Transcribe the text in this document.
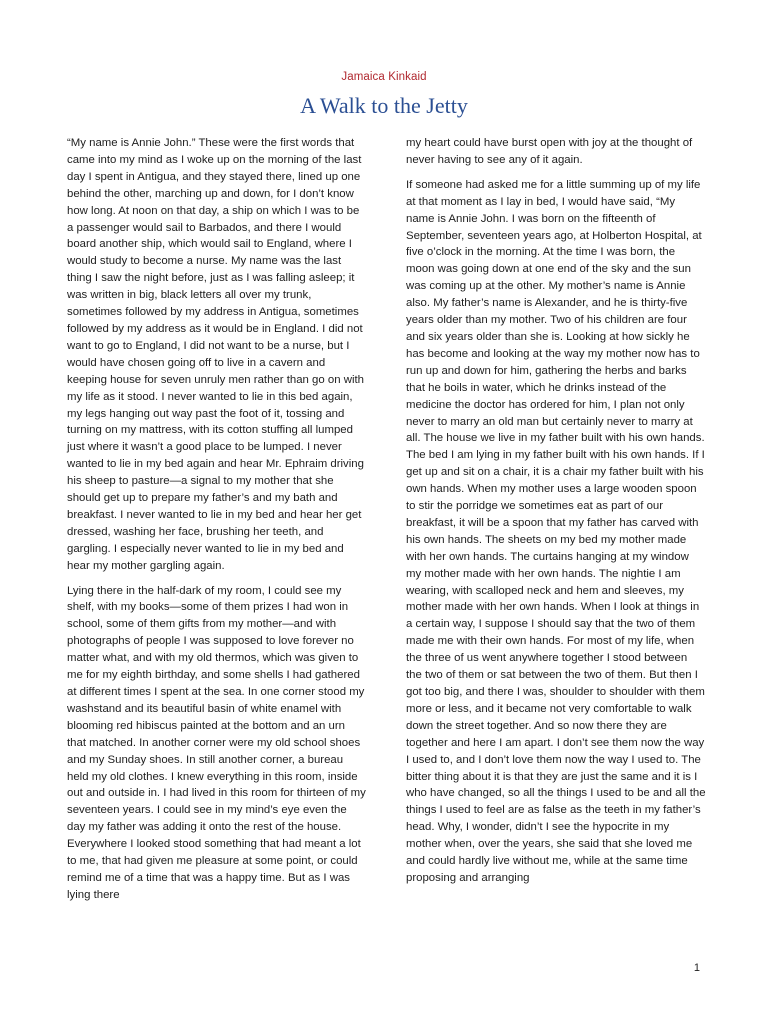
Jamaica Kinkaid
A Walk to the Jetty

“My name is Annie John.” These were the first words that came into my mind as I woke up on the morning of the last day I spent in Antigua, and they stayed there, lined up one behind the other, marching up and down, for I don’t know how long. At noon on that day, a ship on which I was to be a passenger would sail to Barbados, and there I would board another ship, which would sail to England, where I would study to become a nurse. My name was the last thing I saw the night before, just as I was falling asleep; it was written in big, black letters all over my trunk, sometimes followed by my address in Antigua, sometimes followed by my address as it would be in England. I did not want to go to England, I did not want to be a nurse, but I would have chosen going off to live in a cavern and keeping house for seven unruly men rather than go on with my life as it stood. I never wanted to lie in this bed again, my legs hanging out way past the foot of it, tossing and turning on my mattress, with its cotton stuffing all lumped just where it wasn’t a good place to be lumped. I never wanted to lie in my bed again and hear Mr. Ephraim driving his sheep to pasture—a signal to my mother that she should get up to prepare my father’s and my bath and breakfast. I never wanted to lie in my bed and hear her get dressed, washing her face, brushing her teeth, and gargling. I especially never wanted to lie in my bed and hear my mother gargling again.

Lying there in the half-dark of my room, I could see my shelf, with my books—some of them prizes I had won in school, some of them gifts from my mother—and with photographs of people I was supposed to love forever no matter what, and with my old thermos, which was given to me for my eighth birthday, and some shells I had gathered at different times I spent at the sea. In one corner stood my washstand and its beautiful basin of white enamel with blooming red hibiscus painted at the bottom and an urn that matched. In another corner were my old school shoes and my Sunday shoes. In still another corner, a bureau held my old clothes. I knew everything in this room, inside out and outside in. I had lived in this room for thirteen of my seventeen years. I could see in my mind’s eye even the day my father was adding it onto the rest of the house. Everywhere I looked stood something that had meant a lot to me, that had given me pleasure at some point, or could remind me of a time that was a happy time. But as I was lying there

my heart could have burst open with joy at the thought of never having to see any of it again.

If someone had asked me for a little summing up of my life at that moment as I lay in bed, I would have said, “My name is Annie John. I was born on the fifteenth of September, seventeen years ago, at Holberton Hospital, at five o’clock in the morning. At the time I was born, the moon was going down at one end of the sky and the sun was coming up at the other. My mother’s name is Annie also. My father’s name is Alexander, and he is thirty-five years older than my mother. Two of his children are four and six years older than she is. Looking at how sickly he has become and looking at the way my mother now has to run up and down for him, gathering the herbs and barks that he boils in water, which he drinks instead of the medicine the doctor has ordered for him, I plan not only never to marry an old man but certainly never to marry at all. The house we live in my father built with his own hands. The bed I am lying in my father built with his own hands. If I get up and sit on a chair, it is a chair my father built with his own hands. When my mother uses a large wooden spoon to stir the porridge we sometimes eat as part of our breakfast, it will be a spoon that my father has carved with his own hands. The sheets on my bed my mother made with her own hands. The curtains hanging at my window my mother made with her own hands. The nightie I am wearing, with scalloped neck and hem and sleeves, my mother made with her own hands. When I look at things in a certain way, I suppose I should say that the two of them made me with their own hands. For most of my life, when the three of us went anywhere together I stood between the two of them or sat between the two of them. But then I got too big, and there I was, shoulder to shoulder with them more or less, and it became not very comfortable to walk down the street together. And so now there they are together and here I am apart. I don’t see them now the way I used to, and I don’t love them now the way I used to. The bitter thing about it is that they are just the same and it is I who have changed, so all the things I used to be and all the things I used to feel are as false as the teeth in my father’s head. Why, I wonder, didn’t I see the hypocrite in my mother when, over the years, she said that she loved me and could hardly live without me, while at the same time proposing and arranging

1
